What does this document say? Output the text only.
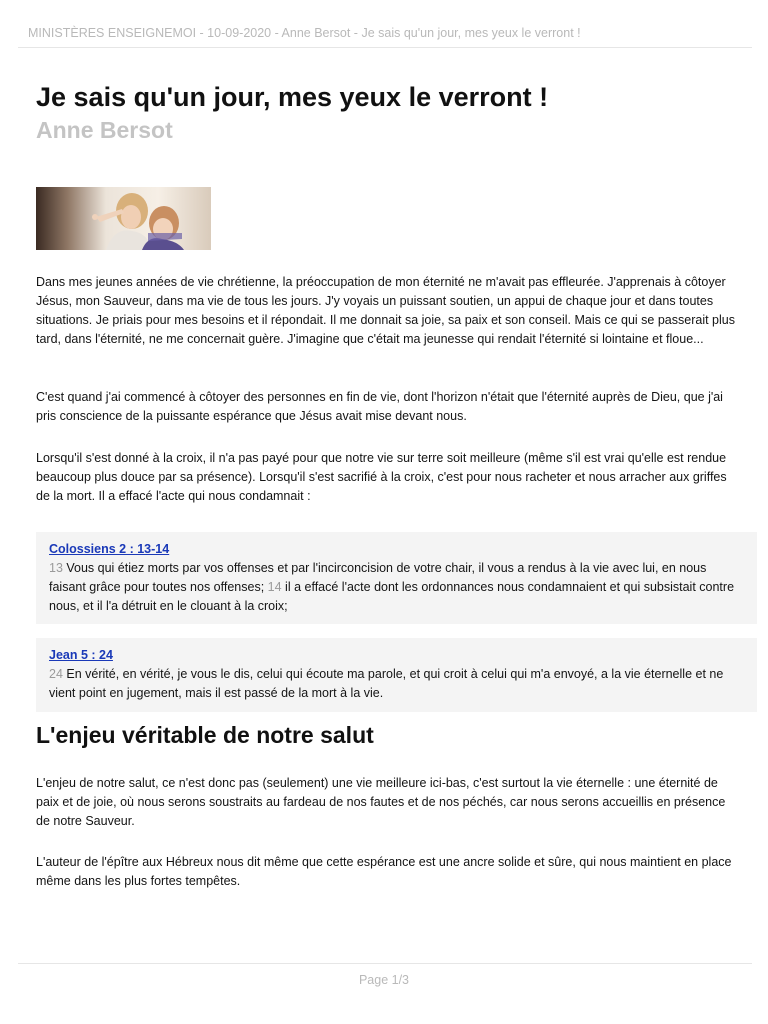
MINISTÈRES ENSEIGNEMOI - 10-09-2020 - Anne Bersot - Je sais qu'un jour, mes yeux le verront !
Je sais qu'un jour, mes yeux le verront !
Anne Bersot

Dans mes jeunes années de vie chrétienne, la préoccupation de mon éternité ne m'avait pas effleurée. J'apprenais à côtoyer Jésus, mon Sauveur, dans ma vie de tous les jours. J'y voyais un puissant soutien, un appui de chaque jour et dans toutes situations. Je priais pour mes besoins et il répondait. Il me donnait sa joie, sa paix et son conseil. Mais ce qui se passerait plus tard, dans l'éternité, ne me concernait guère. J'imagine que c'était ma jeunesse qui rendait l'éternité si lointaine et floue...

C'est quand j'ai commencé à côtoyer des personnes en fin de vie, dont l'horizon n'était que l'éternité auprès de Dieu, que j'ai pris conscience de la puissante espérance que Jésus avait mise devant nous.

Lorsqu'il s'est donné à la croix, il n'a pas payé pour que notre vie sur terre soit meilleure (même s'il est vrai qu'elle est rendue beaucoup plus douce par sa présence). Lorsqu'il s'est sacrifié à la croix, c'est pour nous racheter et nous arracher aux griffes de la mort. Il a effacé l'acte qui nous condamnait :

Colossiens 2 : 13-14

13 Vous qui étiez morts par vos offenses et par l'incirconcision de votre chair, il vous a rendus à la vie avec lui, en nous faisant grâce pour toutes nos offenses; 14 il a effacé l'acte dont les ordonnances nous condamnaient et qui subsistait contre nous, et il l'a détruit en le clouant à la croix;

Jean 5 : 24

24 En vérité, en vérité, je vous le dis, celui qui écoute ma parole, et qui croit à celui qui m'a envoyé, a la vie éternelle et ne vient point en jugement, mais il est passé de la mort à la vie.

L'enjeu véritable de notre salut

L'enjeu de notre salut, ce n'est donc pas (seulement) une vie meilleure ici-bas, c'est surtout la vie éternelle : une éternité de paix et de joie, où nous serons soustraits au fardeau de nos fautes et de nos péchés, car nous serons accueillis en présence de notre Sauveur.

L'auteur de l'épître aux Hébreux nous dit même que cette espérance est une ancre solide et sûre, qui nous maintient en place même dans les plus fortes tempêtes.

Page 1/3
